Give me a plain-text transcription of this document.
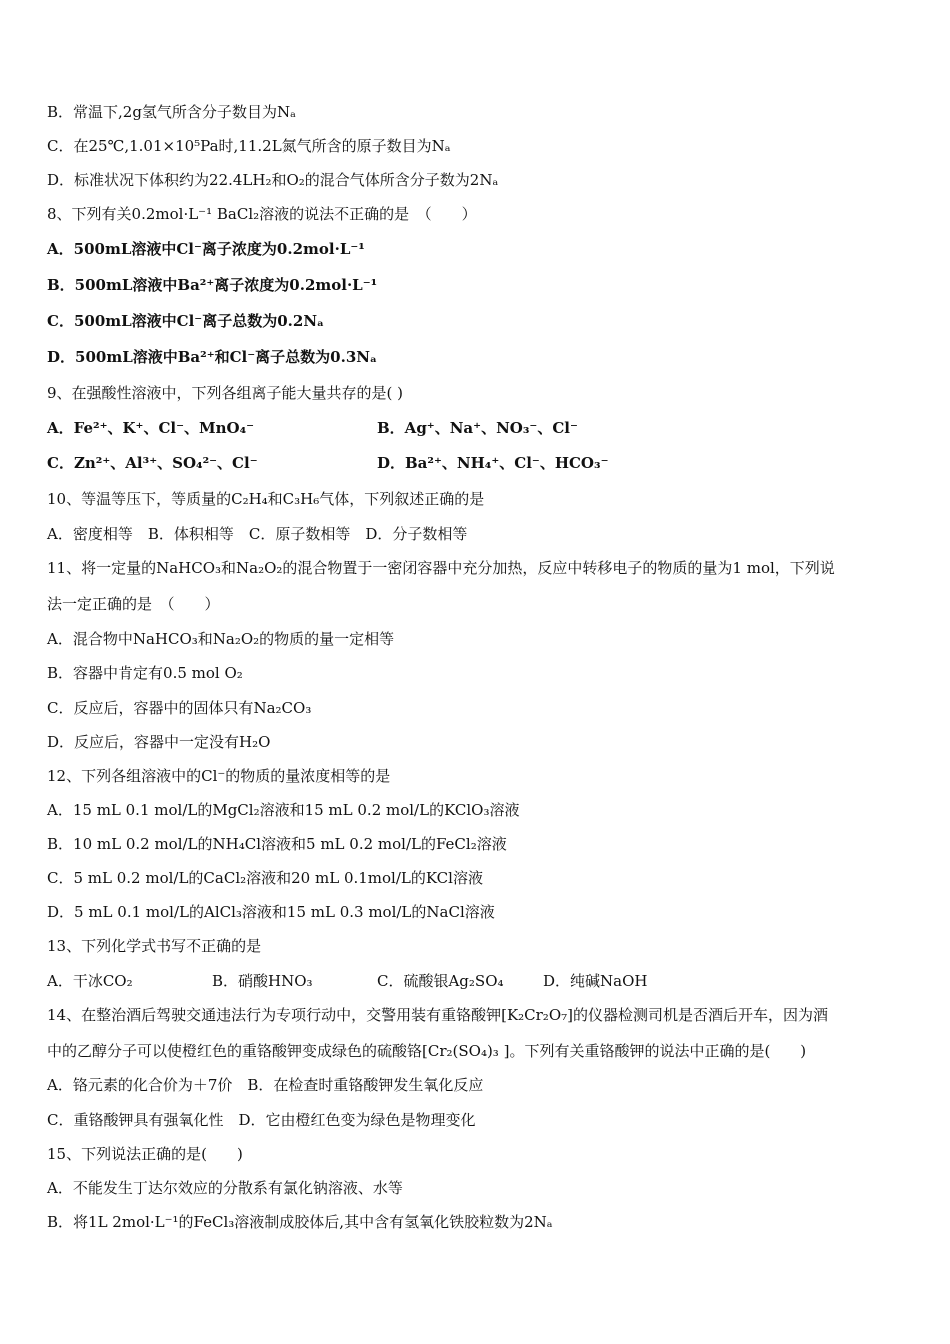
B．常温下,2g氢气所含分子数目为Nₐ
C．在25℃,1.01×10⁵Pa时,11.2L氮气所含的原子数目为Nₐ
D．标准状况下体积约为22.4LH₂和O₂的混合气体所含分子数为2Nₐ
8、下列有关0.2mol·L⁻¹ BaCl₂溶液的说法不正确的是　（　　）
A．500mL溶液中Cl⁻离子浓度为0.2mol·L⁻¹
B．500mL溶液中Ba²⁺离子浓度为0.2mol·L⁻¹
C．500mL溶液中Cl⁻离子总数为0.2Nₐ
D．500mL溶液中Ba²⁺和Cl⁻离子总数为0.3Nₐ
9、在强酸性溶液中，下列各组离子能大量共存的是( )
A．Fe²⁺、K⁺、Cl⁻、MnO₄⁻	B．Ag⁺、Na⁺、NO₃⁻、Cl⁻
C．Zn²⁺、Al³⁺、SO₄²⁻、Cl⁻	D．Ba²⁺、NH₄⁺、Cl⁻、HCO₃⁻
10、等温等压下，等质量的C₂H₄和C₃H₆气体，下列叙述正确的是
A．密度相等　B．体积相等　C．原子数相等　D．分子数相等
11、将一定量的NaHCO₃和Na₂O₂的混合物置于一密闭容器中充分加热，反应中转移电子的物质的量为1 mol，下列说
法一定正确的是　（　　）
A．混合物中NaHCO₃和Na₂O₂的物质的量一定相等
B．容器中肯定有0.5 mol O₂
C．反应后，容器中的固体只有Na₂CO₃
D．反应后，容器中一定没有H₂O
12、下列各组溶液中的Cl⁻的物质的量浓度相等的是
A．15 mL 0.1 mol/L的MgCl₂溶液和15 mL 0.2 mol/L的KClO₃溶液
B．10 mL 0.2 mol/L的NH₄Cl溶液和5 mL 0.2 mol/L的FeCl₂溶液
C．5 mL 0.2 mol/L的CaCl₂溶液和20 mL 0.1mol/L的KCl溶液
D．5 mL 0.1 mol/L的AlCl₃溶液和15 mL 0.3 mol/L的NaCl溶液
13、下列化学式书写不正确的是
A．干冰CO₂	B．硝酸HNO₃	C．硫酸银Ag₂SO₄	D．纯碱NaOH
14、在整治酒后驾驶交通违法行为专项行动中，交警用装有重铬酸钾[K₂Cr₂O₇]的仪器检测司机是否酒后开车，因为酒
中的乙醇分子可以使橙红色的重铬酸钾变成绿色的硫酸铬[Cr₂(SO₄)₃ ]。下列有关重铬酸钾的说法中正确的是(　　)
A．铬元素的化合价为＋7价　B．在检查时重铬酸钾发生氧化反应
C．重铬酸钾具有强氧化性　D．它由橙红色变为绿色是物理变化
15、下列说法正确的是(　　)
A．不能发生丁达尔效应的分散系有氯化钠溶液、水等
B．将1L 2mol·L⁻¹的FeCl₃溶液制成胶体后,其中含有氢氧化铁胶粒数为2Nₐ
